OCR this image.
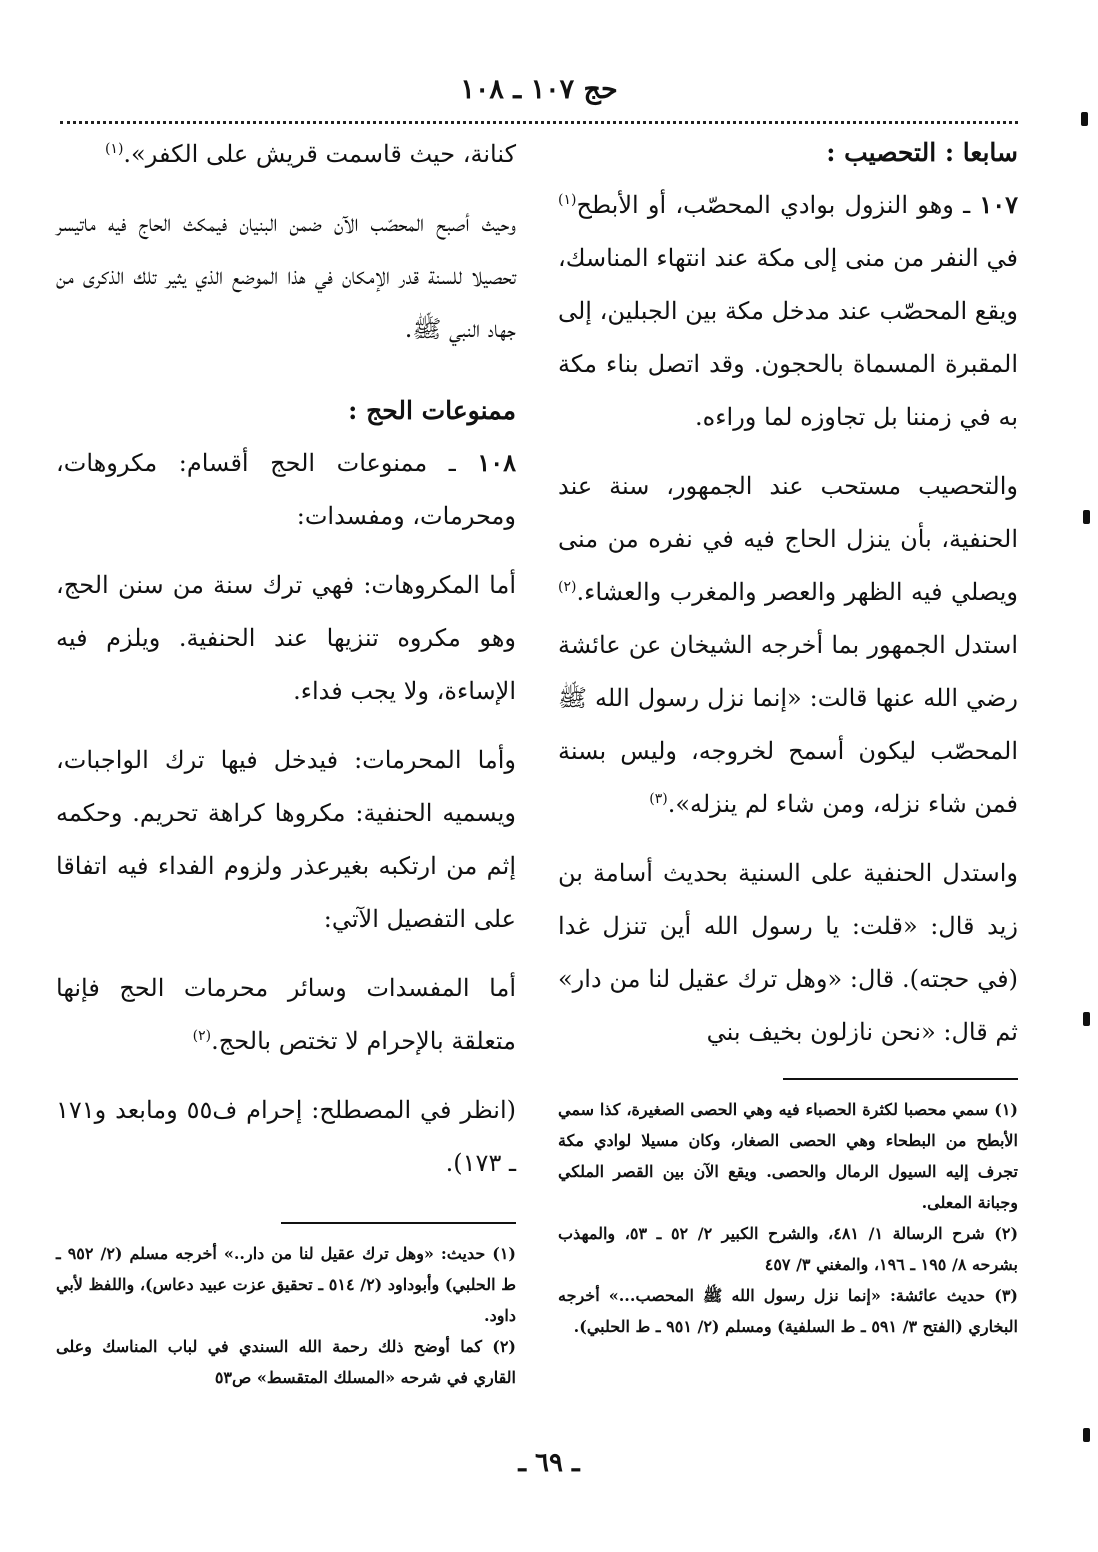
حج ١٠٧ ـ ١٠٨
سابعا : التحصيب :

١٠٧ ـ وهو النزول بوادي المحصّب، أو الأبطح$^{(١)}$ في النفر من منى إلى مكة عند انتهاء المناسك، ويقع المحصّب عند مدخل مكة بين الجبلين، إلى المقبرة المسماة بالحجون. وقد اتصل بناء مكة به في زمننا بل تجاوزه لما وراءه.

والتحصيب مستحب عند الجمهور، سنة عند الحنفية، بأن ينزل الحاج فيه في نفره من منى ويصلي فيه الظهر والعصر والمغرب والعشاء.$^{(٢)}$ استدل الجمهور بما أخرجه الشيخان عن عائشة رضي الله عنها قالت: «إنما نزل رسول الله ﷺ المحصّب ليكون أسمح لخروجه، وليس بسنة فمن شاء نزله، ومن شاء لم ينزله».$^{(٣)}$

واستدل الحنفية على السنية بحديث أسامة بن زيد قال: «قلت: يا رسول الله أين تنزل غدا (في حجته). قال: «وهل ترك عقيل لنا من دار» ثم قال: «نحن نازلون بخيف بني

(١) سمي محصبا لكثرة الحصباء فيه وهي الحصى الصغيرة، كذا سمي الأبطح من البطحاء وهي الحصى الصغار، وكان مسيلا لوادي مكة تجرف إليه السيول الرمال والحصى. ويقع الآن بين القصر الملكي وجبانة المعلى.

(٢) شرح الرسالة ١/ ٤٨١، والشرح الكبير ٢/ ٥٢ ـ ٥٣، والمهذب بشرحه ٨/ ١٩٥ ـ ١٩٦، والمغني ٣/ ٤٥٧

(٣) حديث عائشة: «إنما نزل رسول الله ﷺ المحصب...» أخرجه البخاري (الفتح ٣/ ٥٩١ ـ ط السلفية) ومسلم (٢/ ٩٥١ ـ ط الحلبي).

كنانة، حيث قاسمت قريش على الكفر».$^{(١)}$

وحيث أصبح المحصّب الآن ضمن البنيان فيمكث الحاج فيه ماتيسر تحصيلا للسنة قدر الإمكان في هذا الموضع الذي يثير تلك الذكرى من جهاد النبي ﷺ.

ممنوعات الحج :

١٠٨ ـ ممنوعات الحج أقسام: مكروهات، ومحرمات، ومفسدات:

أما المكروهات: فهي ترك سنة من سنن الحج، وهو مكروه تنزيها عند الحنفية. ويلزم فيه الإساءة، ولا يجب فداء.

وأما المحرمات: فيدخل فيها ترك الواجبات، ويسميه الحنفية: مكروها كراهة تحريم. وحكمه إثم من ارتكبه بغيرعذر ولزوم الفداء فيه اتفاقا على التفصيل الآتي:

أما المفسدات وسائر محرمات الحج فإنها متعلقة بالإحرام لا تختص بالحج.$^{(٢)}$

(انظر في المصطلح: إحرام ف٥٥ ومابعد و١٧١ ـ ١٧٣).

(١) حديث: «وهل ترك عقيل لنا من دار..» أخرجه مسلم (٢/ ٩٥٢ ـ ط الحلبي) وأبوداود (٢/ ٥١٤ ـ تحقيق عزت عبيد دعاس)، واللفظ لأبي داود.

(٢) كما أوضح ذلك رحمة الله السندي في لباب المناسك وعلى القاري في شرحه «المسلك المتقسط» ص٥٣

ـ ٦٩ ـ
